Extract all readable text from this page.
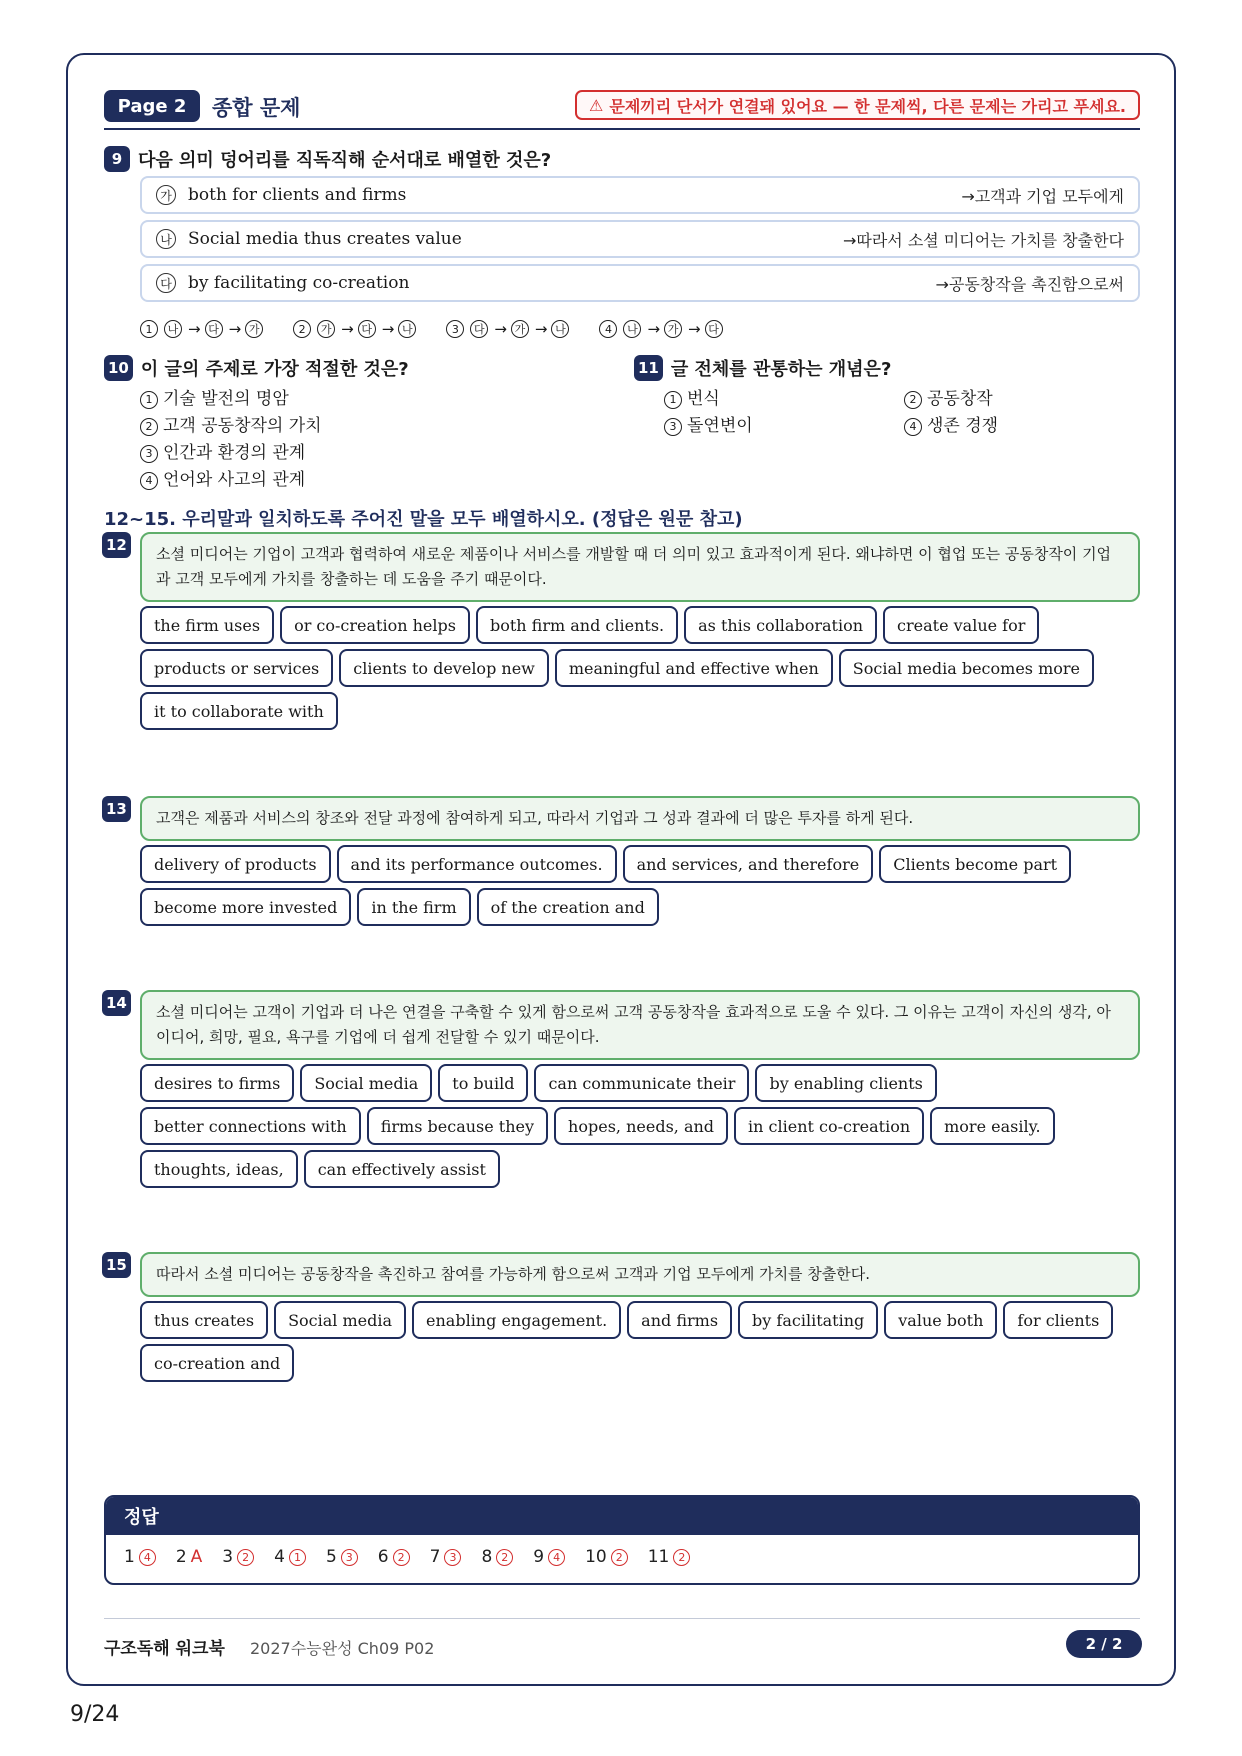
Page 2	종합 문제	⚠ 문제끼리 단서가 연결돼 있어요 — 한 문제씩, 다른 문제는 가리고 푸세요.
9 다음 의미 덩어리를 직독직해 순서대로 배열한 것은?
가 both for clients and firms	→고객과 기업 모두에게
나 Social media thus creates value	→따라서 소셜 미디어는 가치를 창출한다
다 by facilitating co-creation	→공동창작을 촉진함으로써
1	나 → 다 → 가	2	가 → 다 → 나	3	다 → 가 → 나	4	나 → 가 → 다
10 이 글의 주제로 가장 적절한 것은?
1 기술 발전의 명암
2 고객 공동창작의 가치
3 인간과 환경의 관계
4 언어와 사고의 관계
11 글 전체를 관통하는 개념은?
1 번식	2 공동창작
3 돌연변이	4 생존 경쟁
12~15. 우리말과 일치하도록 주어진 말을 모두 배열하시오. (정답은 원문 참고)
12	소셜 미디어는 기업이 고객과 협력하여 새로운 제품이나 서비스를 개발할 때 더 의미 있고 효과적이게 된다. 왜냐하면 이 협업 또는 공동창작이 기업과 고객 모두에게 가치를 창출하는 데 도움을 주기 때문이다.
the firm uses	or co-creation helps	both firm and clients.	as this collaboration	create value for
products or services	clients to develop new	meaningful and effective when	Social media becomes more
it to collaborate with
13	고객은 제품과 서비스의 창조와 전달 과정에 참여하게 되고, 따라서 기업과 그 성과 결과에 더 많은 투자를 하게 된다.
delivery of products	and its performance outcomes.	and services, and therefore	Clients become part
become more invested	in the firm	of the creation and
14	소셜 미디어는 고객이 기업과 더 나은 연결을 구축할 수 있게 함으로써 고객 공동창작을 효과적으로 도울 수 있다. 그 이유는 고객이 자신의 생각, 아이디어, 희망, 필요, 욕구를 기업에 더 쉽게 전달할 수 있기 때문이다.
desires to firms	Social media	to build	can communicate their	by enabling clients
better connections with	firms because they	hopes, needs, and	in client co-creation	more easily.
thoughts, ideas,	can effectively assist
15	따라서 소셜 미디어는 공동창작을 촉진하고 참여를 가능하게 함으로써 고객과 기업 모두에게 가치를 창출한다.
thus creates	Social media	enabling engagement.	and firms	by facilitating	value both	for clients
co-creation and
정답
1 4 2 A 3 2 4 1 5 3 6 2 7 3 8 2 9 4 10 2 11 2
구조독해 워크북 2027수능완성 Ch09 P02	2 / 2
9/24
